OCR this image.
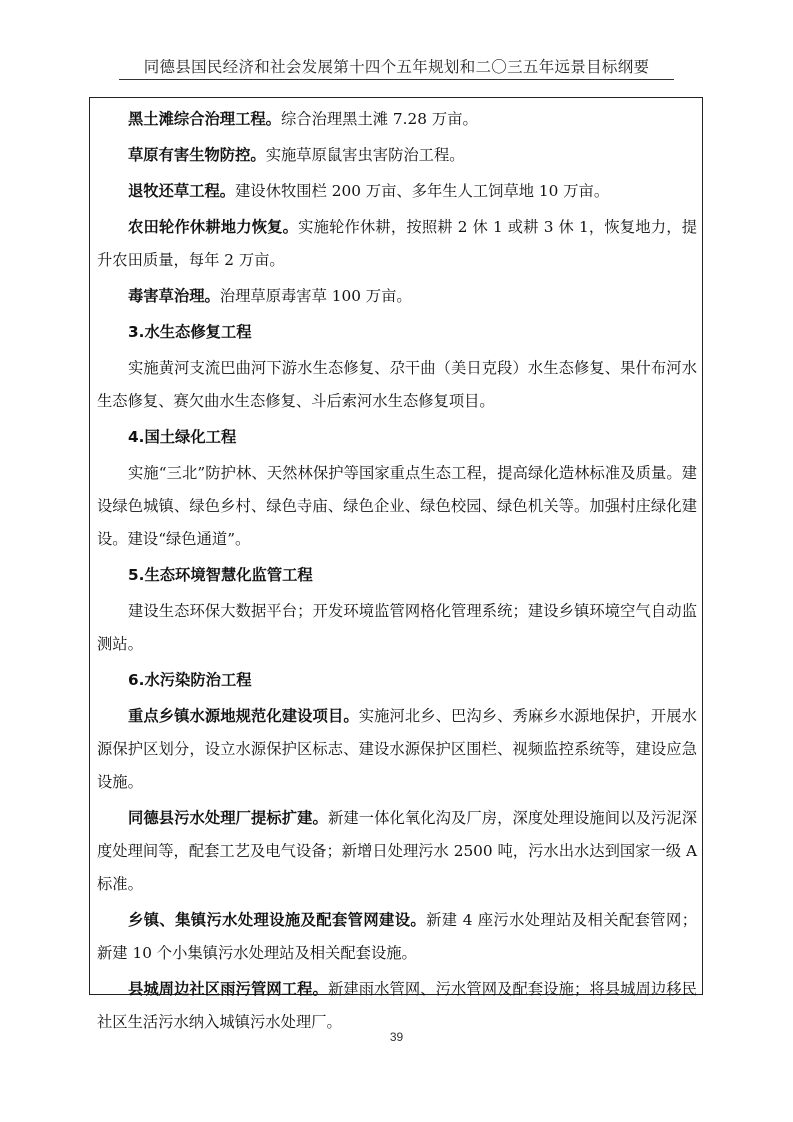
同德县国民经济和社会发展第十四个五年规划和二〇三五年远景目标纲要

黑土滩综合治理工程。综合治理黑土滩 7.28 万亩。

草原有害生物防控。实施草原鼠害虫害防治工程。

退牧还草工程。建设休牧围栏 200 万亩、多年生人工饲草地 10 万亩。

农田轮作休耕地力恢复。实施轮作休耕，按照耕 2 休 1 或耕 3 休 1，恢复地力，提升农田质量，每年 2 万亩。

毒害草治理。治理草原毒害草 100 万亩。

3.水生态修复工程

实施黄河支流巴曲河下游水生态修复、尕干曲（美日克段）水生态修复、果什布河水生态修复、赛欠曲水生态修复、斗后索河水生态修复项目。

4.国土绿化工程

实施“三北”防护林、天然林保护等国家重点生态工程，提高绿化造林标准及质量。建设绿色城镇、绿色乡村、绿色寺庙、绿色企业、绿色校园、绿色机关等。加强村庄绿化建设。建设“绿色通道”。

5.生态环境智慧化监管工程

建设生态环保大数据平台；开发环境监管网格化管理系统；建设乡镇环境空气自动监测站。

6.水污染防治工程

重点乡镇水源地规范化建设项目。实施河北乡、巴沟乡、秀麻乡水源地保护，开展水源保护区划分，设立水源保护区标志、建设水源保护区围栏、视频监控系统等，建设应急设施。

同德县污水处理厂提标扩建。新建一体化氧化沟及厂房，深度处理设施间以及污泥深度处理间等，配套工艺及电气设备；新增日处理污水 2500 吨，污水出水达到国家一级 A 标准。

乡镇、集镇污水处理设施及配套管网建设。新建 4 座污水处理站及相关配套管网；新建 10 个小集镇污水处理站及相关配套设施。

县城周边社区雨污管网工程。新建雨水管网、污水管网及配套设施；将县城周边移民社区生活污水纳入城镇污水处理厂。

39
